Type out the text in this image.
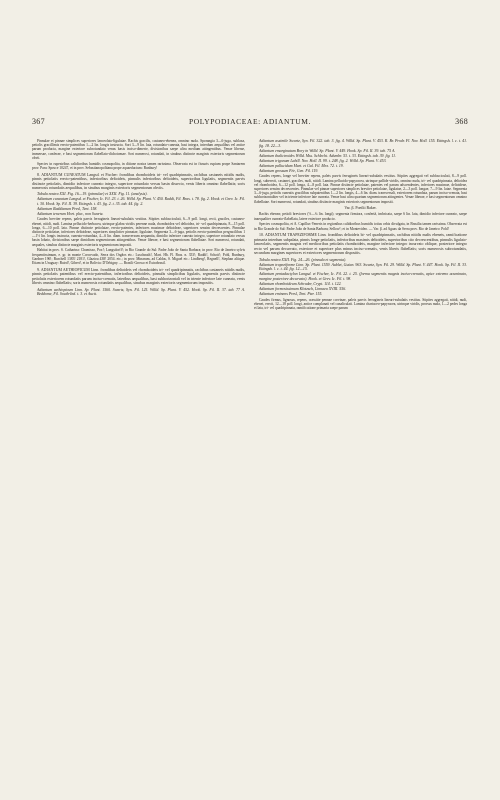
367	POLYPODIACEAE: ADIANTUM.	368

Pinnulae et pinnae simplices superiores lanceolato-ligulatae. Rachis gracilis, castaneo-ebenea, omnino nuda. Sporangia 3—6-juga, sublaxa, petiolis gracillimis erecto-patentibus 1—2 lin. longis instructa. Sori 3—9 lin. lata, rotundato-cuneata, basi integra, interdum aequalibus vel antice parum producta, margine exteriore subrotundato venas basis inciso-dimerte, divisionibus saepe ultra medium attingentibus. Venae liberae, immersae, conferae, e basi segmentorum flabellato-dichotomae. Sori numerosi, rotundati, in sinubus distincte marginis exterioris segmentorum obvii.

Species in rupestribus calidioribus humidis cosmopolita, in ditione nostra tamen rarissima. Observata est in fissuris rupium prope Santarem prov. Para: Spruce 10247, et in prov. Sebastianopolitana prope aquaeductum: Bunbury!

8. ADIANTUM CUNEATUM Langsd. et Fischer: frondibus rhomboideis tri- vel quadripinnatis, rachibus castaneis nitidis nudis, pinnis petiolatis erecto-patentibus, inferioribus deltoideis, pinnulis inferioribus deltoideis, superioribus ligulatis, segmentis parvis distincte petiolatis, dimidio inferiore cuneato integro, superiore rotundato versus basin dissecto, venis liberis omnino flabellatis; soris numerosis rotundatis aequalibus, in sinubus marginis exterioris segmentorum obviis.

Tabula nostra XXI. Fig. 16—19. (pinnulae) et XXII. Fig. 11. (analysis).

Adiantum cuneatum Langsd. et Fischer, Ic. Fil. 23. t. 26. Willd. Sp. Plant. V. 450. Raddi, Fil. Bras. t. 78. fig. 2. Hook. et Grev. Ic. Fil. t. 30. Hook. Sp. Fil. II. 39. Ettingsh. t. 43. fig. 2. t. 35. tab. 44. fig. 2.

Adiantum Raddianum Presl, Tent. 158.

Adiantum tenerum Hort. plur., non Swartz.

Caudex breviter repens, paleis parvis ferrugineis lineari-subulatis vestitus. Stipites subfasciculati, 6—9 poll. longi, recti, graciles, castaneo-ebenei, nitidi, nudi. Lamina pellucido-herbacea, utrinque glabra viridis perenne nuda, rhomboidea vel deltoidea, tri- vel quadripinnata, 8—15 poll. longa, 6—10 poll. lata. Pinnae distincte petiolatae, erecto-patentes, inferiores maximae deltoideae, superiores sensim decrescentes. Pinnulae distincte petiolatae, inferiores deltoideae, superiores simpliciter pinnatae, ligulatae. Segmenta 3—6-juga, petiolis erecto-patentibus pergracilibus 1—1½ lin. longis instructa, cuneato-rotundata, 4—6 lin. diam. transversum aequantia, dimidio inferiore cuneato integro, superiore rotundato versus basin lobato, divisionibus saepe dimidium segmentorum attingentibus. Venae liberae, e basi segmentorum flabellatae. Sori numerosi, rotundati, aequales, sinubus distincte marginis exterioris segmentorum impositi.

Habitat in prov. S. Catharina: Chamisso, Pox!; Langsdorff!; in Rio Grande do Sul: Padre João de Santa Barbara; in prov. Rio de Janeiro sylvis frequentissimum, e. gr. in monte Corcovado, Serra dos Orgãos etc.: Luschnath!, Mart. Hb. Fl. Bras. n. 353!; Raddi!, Schott!; Pohl, Bunbury, Gardner 196!; Burchell 1383! 2181!, Glaziou 438! 2054. etc.; in prov. Minarum, ad Caldas, S. Miguel etc.: Lindberg!, Regnell!, Stephan aliique. Etiam in Uruguay: Baird!, Gibert!, et in Bolivia: D'Orbigny. — Brasili-Grosso et Extrabrasil.

9. ADIANTUM AETHIOPICUM Linn. frondibus deltoideis vel rhomboideis tri- vel quadripinnatis, rachibus castaneis nitidis nudis, pinnis petiolatis patentibus vel erecto-patentibus, inferioribus deltoideis, pinnulis simplicibus ligulatis, segmentis parvis distincte petiolatis exteriorem rotundatis parum inciso-crenatis, lateribus aequalibus, basi subhorizontali vel in triente inferiore late cuneata, venis liberis omnino flabellatis; soris numerosis rotundatis aequalibus, sinubus marginis exterioris segmentorum impositis.

Adiantum aethiopicum Linn. Sp. Plant. 1560. Swartz, Syn. Fil. 125. Willd. Sp. Plant. V. 452. Hook. Sp. Fil. II. 37. tab. 77 A. Beddome, Fil. South-Ind. t. 3. et Auctt.

Adiantum assimile Swartz, Syn. Fil. 322. tab. 3. fig. 4. Willd. Sp. Plant. V. 453. R. Br. Prodr. Fl. Nov. Holl. 155. Ettingsh. l. c. t. 41. fig. 18. 22—3.

Adiantum emarginatum Bory in Willd. Sp. Plant. V. 449. Hook. Sp. Fil. II. 39. tab. 75 A.

Adiantum thalictroides Willd. Mss. Schlecht. Adumbr. 53. t. 33. Ettingsh. tab. 39. fig. 11.

Adiantum trigonum Labill. Nov. Holl. II. 99. t. 248. fig. 2. Willd. Sp. Plant. V. 453.

Adiantum pallucidum Mart. et Gal. Fil. Mex. 72. t. 19.

Adiantum grossum Fée, Gen. Fil. 119.

Caudex repens, longe vel breviter repens, paleis parvis ferrugineis lineari-subulatis vestitus. Stipites aggregati vel subfasciculati, 8—9 poll. longi, suberecti, castanei, graciles, nudi, nitidi. Lamina pellucido-papyracea, utrinque pallide viridis, omnino nuda, tri- vel quadripinnata, deltoidea vel rhomboidea, 6—12 poll. longa, 4—8 poll. lata. Pinnae distincte petiolatae, patentes vel parum adscendentes, inferiores maximae, deltoideae, superiores sensim decrescentes. Pinnulae vel pinnae superiores simplices breviter petiolatae, ligulatae, 2—3 poll. longae, 7—9 lin. latae. Segmenta 3—6-juga, petiolis cuneatis gracilibus subpatentibus 1—2 lin. longis, 4—6 lin. diam. transversali, exteriorem rotundata, parum inciso-crenata, basi subhorizontaliter vel in triente inferiore late cuneata. Venae basi ultra quartam segmentorum attingentes. Venae liberae, e basi segmentorum omnino flabellatae. Sori numerosi, rotundati, sinubus distincte marginis exterioris segmentorum impositi.

Var. β. Poeilii Baker.

Rachis ebenea; petioli breviores (½—¾ lin. longi); segmenta firmiora, confertā, imbricata, saepe 6 lin. lata, dimidio inferiore cuneato, saepe inaequaliter cuneato-flabellata, latere exteriore producto.

Species cosmopolita, et A. Capillus-Veneris in regionibus calidioribus humidis totius orbis divulgata, in Brasilia tamen rarissima. Observata est in Rio Grande do Sul: Padre João de Santa Barbara; Sellow!; et in Montevideo. — Var. β. ad Aguas da Serra prov. Rio de Janeiro: Pohl!

10. ADIANTUM TRAPEZIFORME Linn. frondibus deltoideis bi- vel quadripinnatis, rachibus nitidis nudis ebeneis, ramificatione primaria interdum subpalata, pinnis longe petiolatis, inferioribus maximis deltoideis, superioribus cito decrescentibus, pinnulis ligulato-lanceolatis, segmentis magnis vel mediocribus petiolatis rhomboideis, margine inferiore integro incurvato oblique, posteriore integro recto vel parum decurvato, exteriore et superiore plus minus inciso-crenatis, venis liberis flabellatis; soris numerosis subrotundatis, secundum margines superiores et exteriores segmentorum dispositis.

Tabula nostra XXII. Fig. 24—26. (pinnula et segmenta).

Adiantum trapeziforme Linn. Sp. Plant. 1559. Aublet, Guian. 963. Swartz, Syn. Fil. 29. Willd. Sp. Plant. V. 447. Hook. Sp. Fil. II. 33. Ettingsh. l. c. t. 44. fig. 12—15.

Adiantum pentadactylon Langsd. et Fischer, Ic. Fil. 22. t. 25. (forma segmentis magnis inciso-crenatis, apice extremo acuminato, margine posteriore decurvato). Hook. et Grev. Ic. Fil. t. 98.

Adiantum rhomboideum Schrader, Crypt. 114. t. 122.

Adiantum formosissimum Klotzsch, Linnaea XVIII. 556.

Adiantum eminens Presl, Tent. Pter. 155.

Caudex firmus, lignosus, repens, crassitie pennae corvinae, paleis parvis ferrugineis lineari-subulatis vestitus. Stipites aggregati, nitidi, nudi, ebenei, erecti, 12—18 poll. longi, antice complanati vel canaliculati. Lamina chartaceo-papyracea, utrinque viridis, prorsus nuda, 1—2 pedes longa et lata, tri- vel quadripinnata, ramificatione primaria saepe parum
